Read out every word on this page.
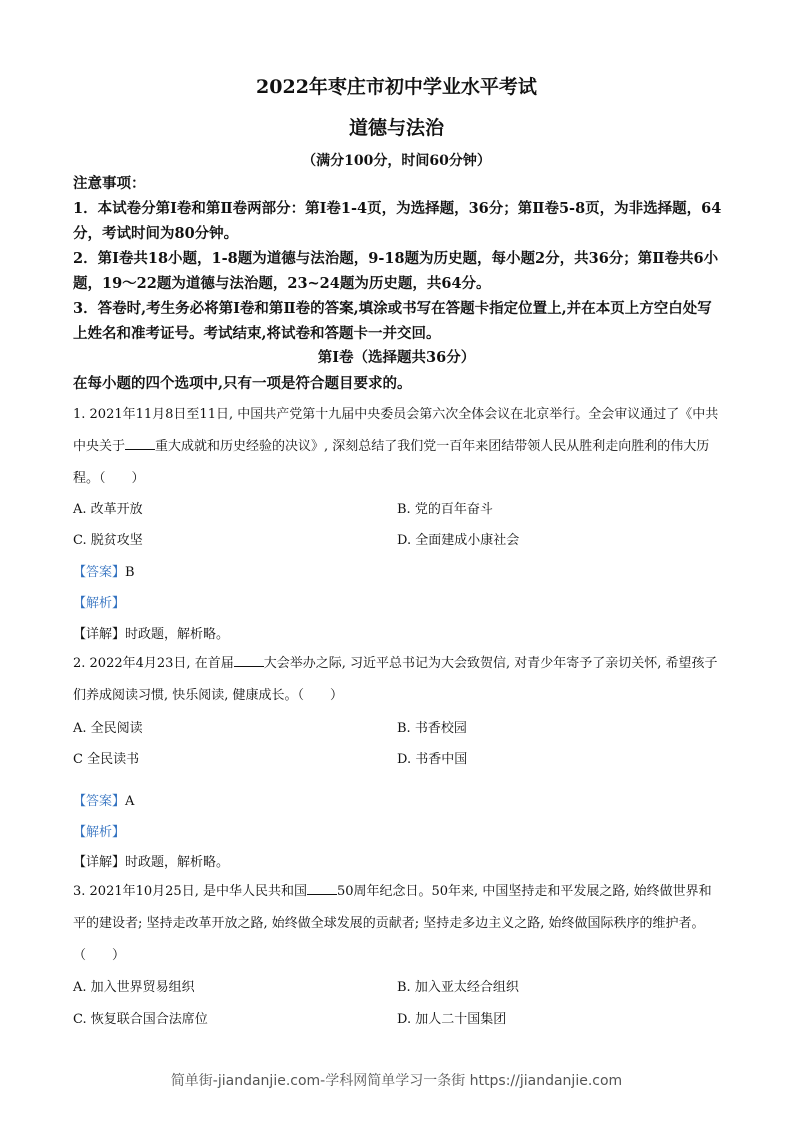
2022年枣庄市初中学业水平考试
道德与法治
（满分100分，时间60分钟）

注意事项：

1．本试卷分第Ⅰ卷和第Ⅱ卷两部分：第Ⅰ卷1-4页，为选择题，36分；第Ⅱ卷5-8页，为非选择题，64分，考试时间为80分钟。

2．第Ⅰ卷共18小题，1-8题为道德与法治题，9-18题为历史题，每小题2分，共36分；第Ⅱ卷共6小题，19～22题为道德与法治题，23~24题为历史题，共64分。

3．答卷时,考生务必将第Ⅰ卷和第Ⅱ卷的答案,填涂或书写在答题卡指定位置上,并在本页上方空白处写上姓名和准考证号。考试结束,将试卷和答题卡一并交回。

第Ⅰ卷（选择题共36分）
在每小题的四个选项中,只有一项是符合题目要求的。

1. 2021年11月8日至11日, 中国共产党第十九届中央委员会第六次全体会议在北京举行。全会审议通过了《中共中央关于 重大成就和历史经验的决议》, 深刻总结了我们党一百年来团结带领人民从胜利走向胜利的伟大历程。（　　）

A. 改革开放	B. 党的百年奋斗
C. 脱贫攻坚	D. 全面建成小康社会
【答案】B
【解析】
【详解】时政题，解析略。

2. 2022年4月23日, 在首届 大会举办之际, 习近平总书记为大会致贺信, 对青少年寄予了亲切关怀, 希望孩子们养成阅读习惯, 快乐阅读, 健康成长。（　　）

A. 全民阅读	B. 书香校园
C 全民读书	D. 书香中国
【答案】A
【解析】
【详解】时政题，解析略。

3. 2021年10月25日, 是中华人民共和国 50周年纪念日。50年来, 中国坚持走和平发展之路, 始终做世界和平的建设者; 坚持走改革开放之路, 始终做全球发展的贡献者; 坚持走多边主义之路, 始终做国际秩序的维护者。（　　）

A. 加入世界贸易组织	B. 加入亚太经合组织
C. 恢复联合国合法席位	D. 加人二十国集团
简单街-jiandanjie.com-学科网简单学习一条街 https://jiandanjie.com
